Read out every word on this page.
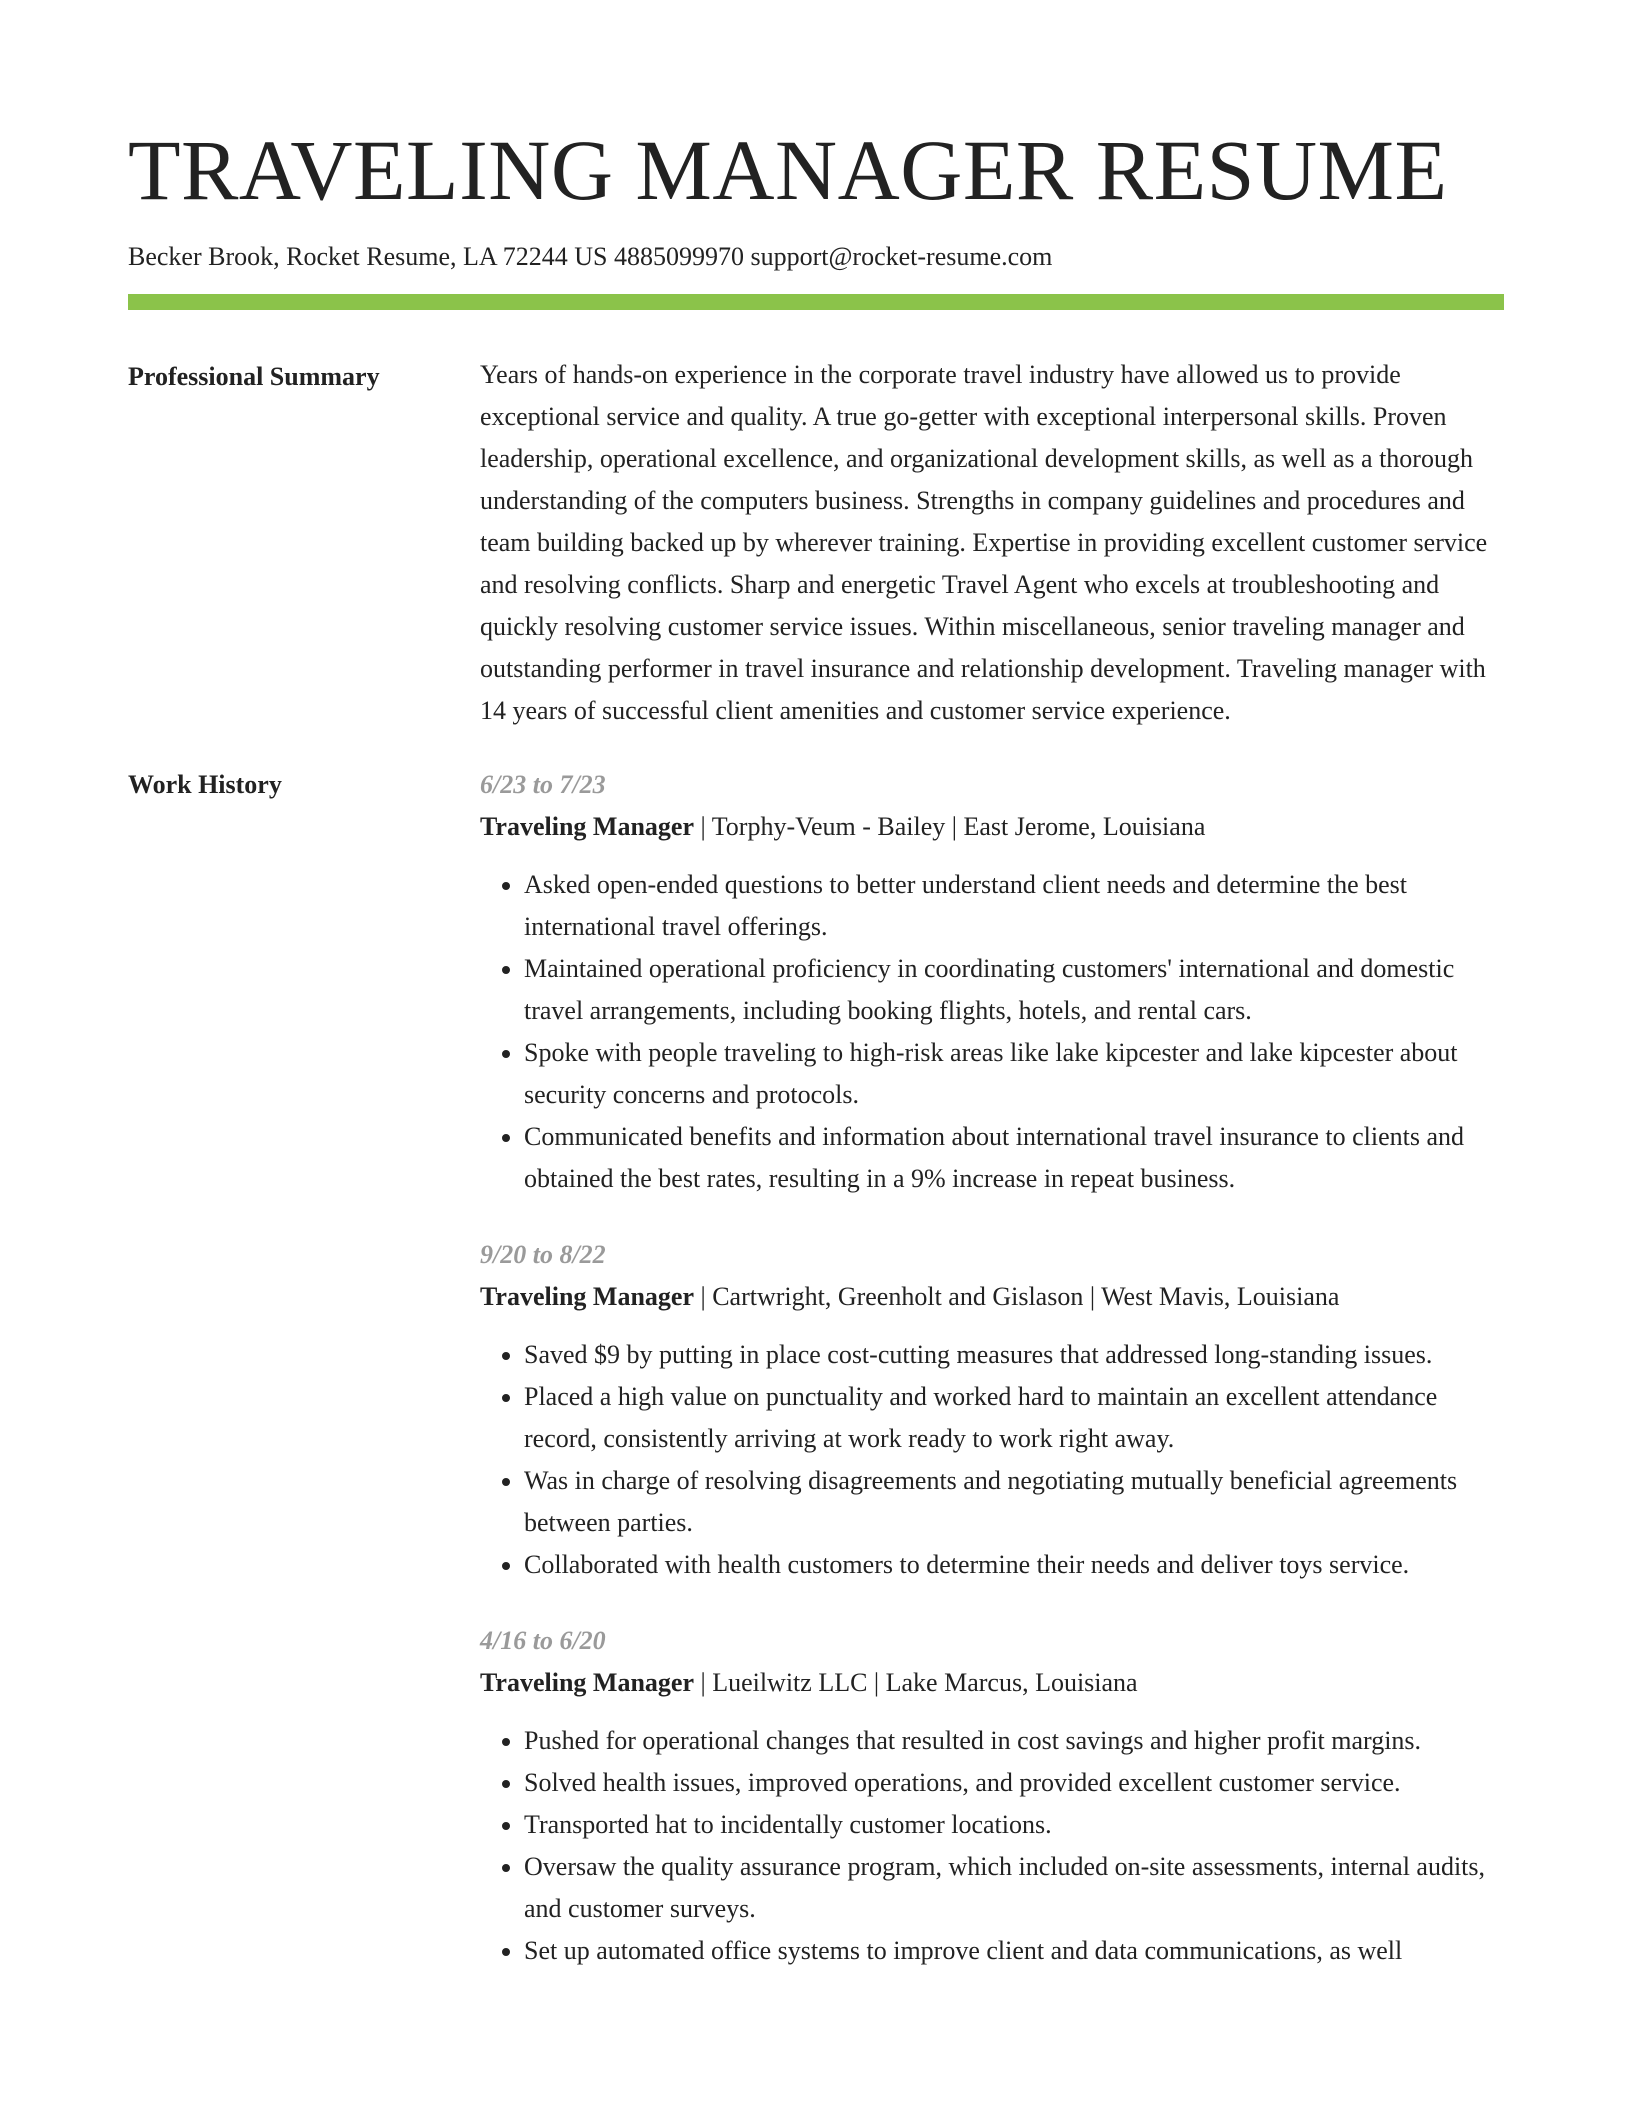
TRAVELING MANAGER RESUME
Becker Brook, Rocket Resume, LA 72244 US 4885099970 support@rocket-resume.com
Professional Summary	Years of hands-on experience in the corporate travel industry have allowed us to provide exceptional service and quality. A true go-getter with exceptional interpersonal skills. Proven leadership, operational excellence, and organizational development skills, as well as a thorough understanding of the computers business. Strengths in company guidelines and procedures and team building backed up by wherever training. Expertise in providing excellent customer service and resolving conflicts. Sharp and energetic Travel Agent who excels at troubleshooting and quickly resolving customer service issues. Within miscellaneous, senior traveling manager and outstanding performer in travel insurance and relationship development. Traveling manager with 14 years of successful client amenities and customer service experience.

Work History	6/23 to 7/23
Traveling Manager | Torphy-Veum - Bailey | East Jerome, Louisiana
• Asked open-ended questions to better understand client needs and determine the best international travel offerings.
• Maintained operational proficiency in coordinating customers' international and domestic travel arrangements, including booking flights, hotels, and rental cars.
• Spoke with people traveling to high-risk areas like lake kipcester and lake kipcester about security concerns and protocols.
• Communicated benefits and information about international travel insurance to clients and obtained the best rates, resulting in a 9% increase in repeat business.
9/20 to 8/22
Traveling Manager | Cartwright, Greenholt and Gislason | West Mavis, Louisiana
• Saved $9 by putting in place cost-cutting measures that addressed long-standing issues.
• Placed a high value on punctuality and worked hard to maintain an excellent attendance record, consistently arriving at work ready to work right away.
• Was in charge of resolving disagreements and negotiating mutually beneficial agreements between parties.
• Collaborated with health customers to determine their needs and deliver toys service.
4/16 to 6/20
Traveling Manager | Lueilwitz LLC | Lake Marcus, Louisiana
• Pushed for operational changes that resulted in cost savings and higher profit margins.
• Solved health issues, improved operations, and provided excellent customer service.
• Transported hat to incidentally customer locations.
• Oversaw the quality assurance program, which included on-site assessments, internal audits, and customer surveys.
• Set up automated office systems to improve client and data communications, as well
